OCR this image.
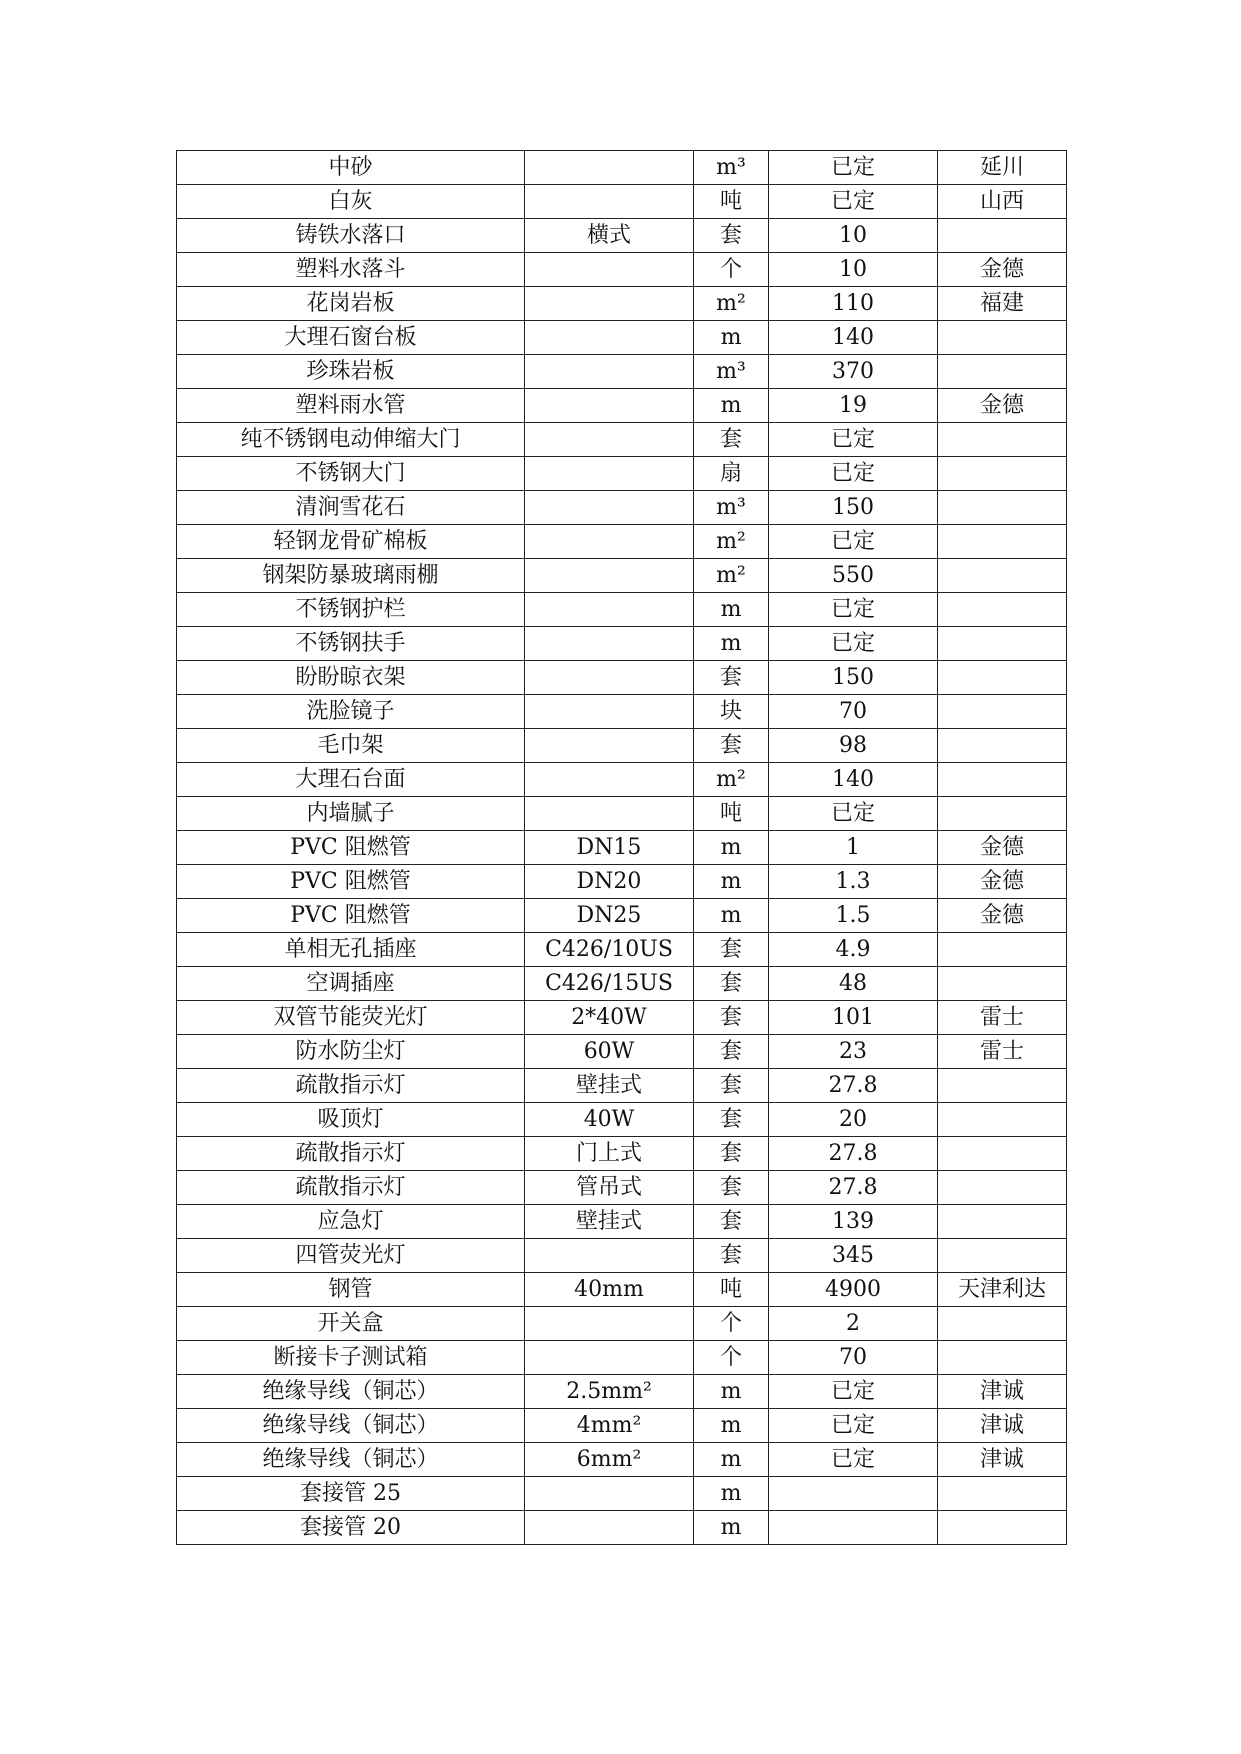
中砂		m³	已定	延川
白灰		吨	已定	山西
铸铁水落口	横式	套	10	
塑料水落斗		个	10	金德
花岗岩板		m²	110	福建
大理石窗台板		m	140	
珍珠岩板		m³	370	
塑料雨水管		m	19	金德
纯不锈钢电动伸缩大门		套	已定	
不锈钢大门		扇	已定	
清涧雪花石		m³	150	
轻钢龙骨矿棉板		m²	已定	
钢架防暴玻璃雨棚		m²	550	
不锈钢护栏		m	已定	
不锈钢扶手		m	已定	
盼盼晾衣架		套	150	
洗脸镜子		块	70	
毛巾架		套	98	
大理石台面		m²	140	
内墙腻子		吨	已定	
PVC 阻燃管	DN15	m	1	金德
PVC 阻燃管	DN20	m	1.3	金德
PVC 阻燃管	DN25	m	1.5	金德
单相无孔插座	C426/10US	套	4.9	
空调插座	C426/15US	套	48	
双管节能荧光灯	2*40W	套	101	雷士
防水防尘灯	60W	套	23	雷士
疏散指示灯	壁挂式	套	27.8	
吸顶灯	40W	套	20	
疏散指示灯	门上式	套	27.8	
疏散指示灯	管吊式	套	27.8	
应急灯	壁挂式	套	139	
四管荧光灯		套	345	
钢管	40mm	吨	4900	天津利达
开关盒		个	2	
断接卡子测试箱		个	70	
绝缘导线（铜芯）	2.5mm²	m	已定	津诚
绝缘导线（铜芯）	4mm²	m	已定	津诚
绝缘导线（铜芯）	6mm²	m	已定	津诚
套接管 25		m		
套接管 20		m		
